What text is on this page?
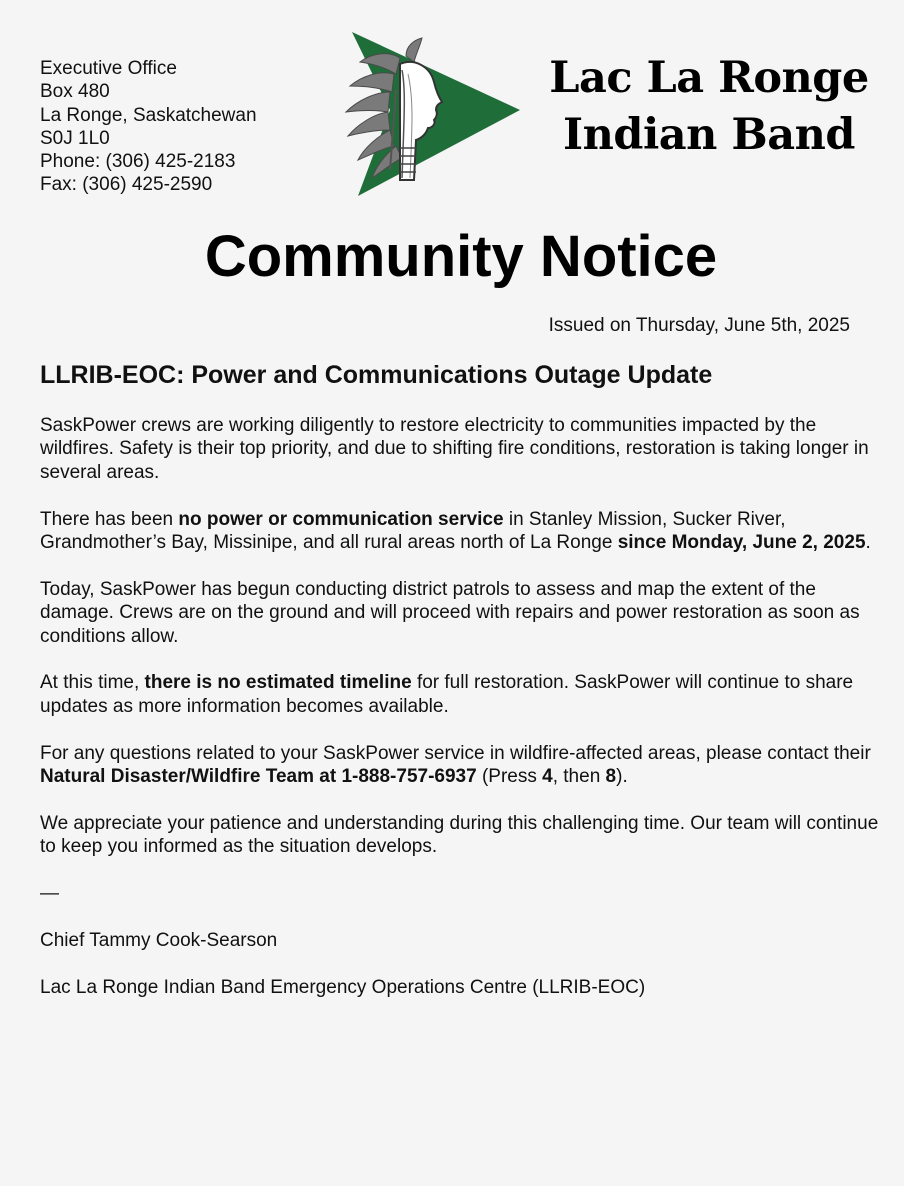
Executive Office
Box 480
La Ronge, Saskatchewan
S0J 1L0
Phone: (306) 425-2183
Fax: (306) 425-2590
Lac La Ronge
Indian Band
Community Notice
Issued on Thursday, June 5th, 2025
LLRIB-EOC: Power and Communications Outage Update

SaskPower crews are working diligently to restore electricity to communities impacted by the wildfires. Safety is their top priority, and due to shifting fire conditions, restoration is taking longer in several areas.

There has been no power or communication service in Stanley Mission, Sucker River, Grandmother’s Bay, Missinipe, and all rural areas north of La Ronge since Monday, June 2, 2025.

Today, SaskPower has begun conducting district patrols to assess and map the extent of the damage. Crews are on the ground and will proceed with repairs and power restoration as soon as conditions allow.

At this time, there is no estimated timeline for full restoration. SaskPower will continue to share updates as more information becomes available.

For any questions related to your SaskPower service in wildfire-affected areas, please contact their Natural Disaster/Wildfire Team at 1-888-757-6937 (Press 4, then 8).

We appreciate your patience and understanding during this challenging time. Our team will continue to keep you informed as the situation develops.

—
Chief Tammy Cook-Searson
Lac La Ronge Indian Band Emergency Operations Centre (LLRIB-EOC)
